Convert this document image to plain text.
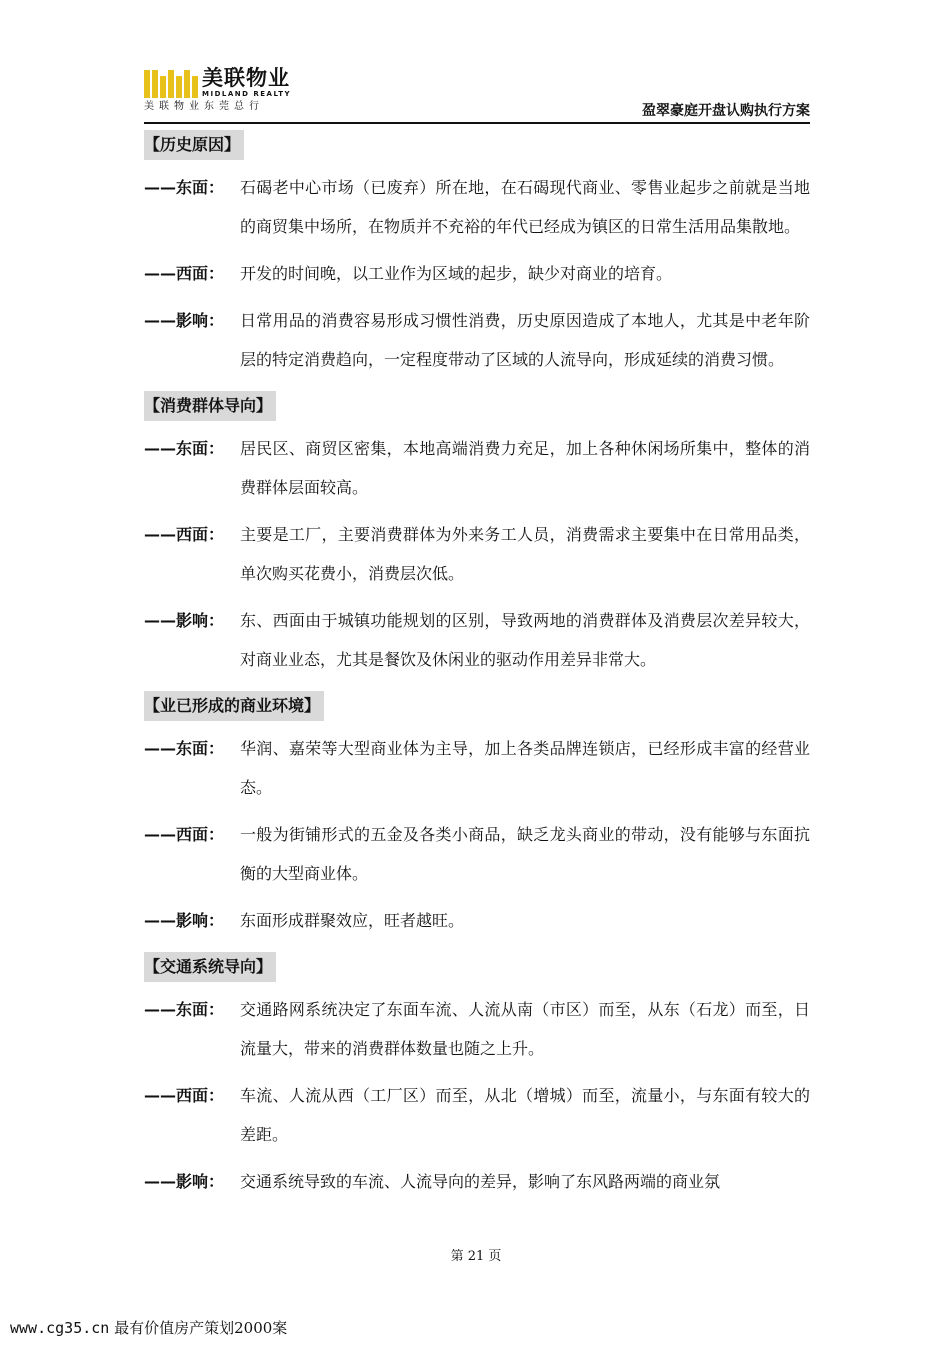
美联物业
MIDLAND REALTY
美联物业东莞总行	盈翠豪庭开盘认购执行方案
【历史原因】
——东面： 石碣老中心市场（已废弃）所在地，在石碣现代商业、零售业起步之前就是当地的商贸集中场所，在物质并不充裕的年代已经成为镇区的日常生活用品集散地。
——西面： 开发的时间晚，以工业作为区域的起步，缺少对商业的培育。
——影响： 日常用品的消费容易形成习惯性消费，历史原因造成了本地人，尤其是中老年阶层的特定消费趋向，一定程度带动了区域的人流导向，形成延续的消费习惯。
【消费群体导向】
——东面： 居民区、商贸区密集，本地高端消费力充足，加上各种休闲场所集中，整体的消费群体层面较高。
——西面： 主要是工厂，主要消费群体为外来务工人员，消费需求主要集中在日常用品类，单次购买花费小，消费层次低。
——影响： 东、西面由于城镇功能规划的区别，导致两地的消费群体及消费层次差异较大，对商业业态，尤其是餐饮及休闲业的驱动作用差异非常大。
【业已形成的商业环境】
——东面： 华润、嘉荣等大型商业体为主导，加上各类品牌连锁店，已经形成丰富的经营业态。
——西面： 一般为街铺形式的五金及各类小商品，缺乏龙头商业的带动，没有能够与东面抗衡的大型商业体。
——影响： 东面形成群聚效应，旺者越旺。
【交通系统导向】
——东面： 交通路网系统决定了东面车流、人流从南（市区）而至，从东（石龙）而至，日流量大，带来的消费群体数量也随之上升。
——西面： 车流、人流从西（工厂区）而至，从北（增城）而至，流量小，与东面有较大的差距。
——影响： 交通系统导致的车流、人流导向的差异，影响了东风路两端的商业氛
第 21 页
www.cg35.cn 最有价值房产策划2000案
